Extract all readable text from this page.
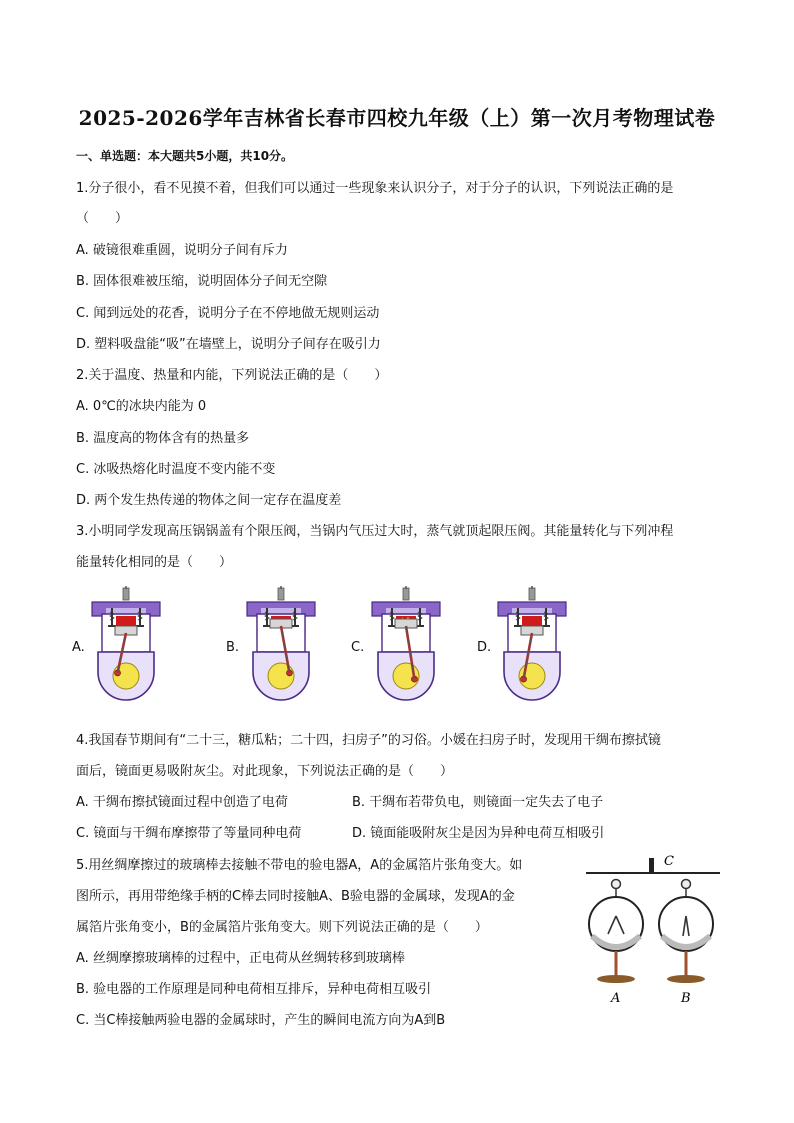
2025-2026学年吉林省长春市四校九年级（上）第一次月考物理试卷
一、单选题：本大题共5小题，共10分。
1.分子很小，看不见摸不着，但我们可以通过一些现象来认识分子，对于分子的认识，下列说法正确的是
（　　）
A. 破镜很难重圆，说明分子间有斥力
B. 固体很难被压缩，说明固体分子间无空隙
C. 闻到远处的花香，说明分子在不停地做无规则运动
D. 塑料吸盘能“吸”在墙壁上，说明分子间存在吸引力
2.关于温度、热量和内能，下列说法正确的是（　　）
A. 0℃的冰块内能为 0
B. 温度高的物体含有的热量多
C. 冰吸热熔化时温度不变内能不变
D. 两个发生热传递的物体之间一定存在温度差
3.小明同学发现高压锅锅盖有个限压阀，当锅内气压过大时，蒸气就顶起限压阀。其能量转化与下列冲程
能量转化相同的是（　　）
A.	B.	C.	D.
4.我国春节期间有“二十三，糖瓜粘；二十四，扫房子”的习俗。小媛在扫房子时，发现用干绸布擦拭镜
面后，镜面更易吸附灰尘。对此现象，下列说法正确的是（　　）
A. 干绸布擦拭镜面过程中创造了电荷	B. 干绸布若带负电，则镜面一定失去了电子
C. 镜面与干绸布摩擦带了等量同种电荷	D. 镜面能吸附灰尘是因为异种电荷互相吸引
5.用丝绸摩擦过的玻璃棒去接触不带电的验电器A，A的金属箔片张角变大。如
图所示，再用带绝缘手柄的C棒去同时接触A、B验电器的金属球，发现A的金
属箔片张角变小，B的金属箔片张角变大。则下列说法正确的是（　　）
A. 丝绸摩擦玻璃棒的过程中，正电荷从丝绸转移到玻璃棒
B. 验电器的工作原理是同种电荷相互排斥，异种电荷相互吸引
C. 当C棒接触两验电器的金属球时，产生的瞬间电流方向为A到B
C
A	B
